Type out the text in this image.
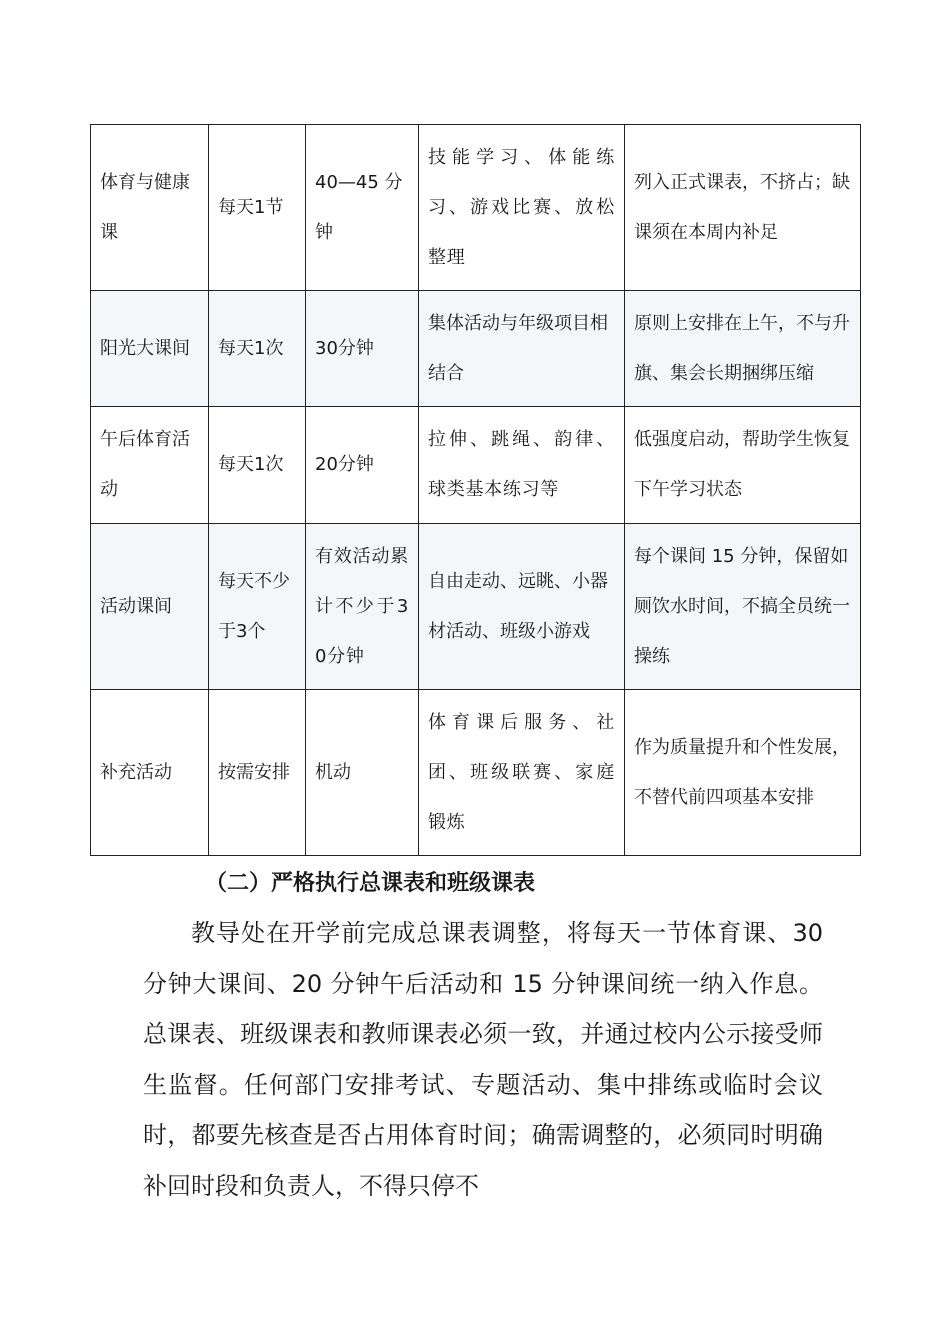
体育与健康课	每天1节	40—45 分钟	技能学习、体能练习、游戏比赛、放松整理	列入正式课表，不挤占；缺课须在本周内补足
阳光大课间	每天1次	30分钟	集体活动与年级项目相结合	原则上安排在上午，不与升旗、集会长期捆绑压缩
午后体育活动	每天1次	20分钟	拉伸、跳绳、韵律、球类基本练习等	低强度启动，帮助学生恢复下午学习状态
活动课间	每天不少于3个	有效活动累计不少于30分钟	自由走动、远眺、小器材活动、班级小游戏	每个课间 15 分钟，保留如厕饮水时间，不搞全员统一操练
补充活动	按需安排	机动	体育课后服务、社团、班级联赛、家庭锻炼	作为质量提升和个性发展，不替代前四项基本安排
（二）严格执行总课表和班级课表

教导处在开学前完成总课表调整，将每天一节体育课、30 分钟大课间、20 分钟午后活动和 15 分钟课间统一纳入作息。总课表、班级课表和教师课表必须一致，并通过校内公示接受师生监督。任何部门安排考试、专题活动、集中排练或临时会议时，都要先核查是否占用体育时间；确需调整的，必须同时明确补回时段和负责人，不得只停不
